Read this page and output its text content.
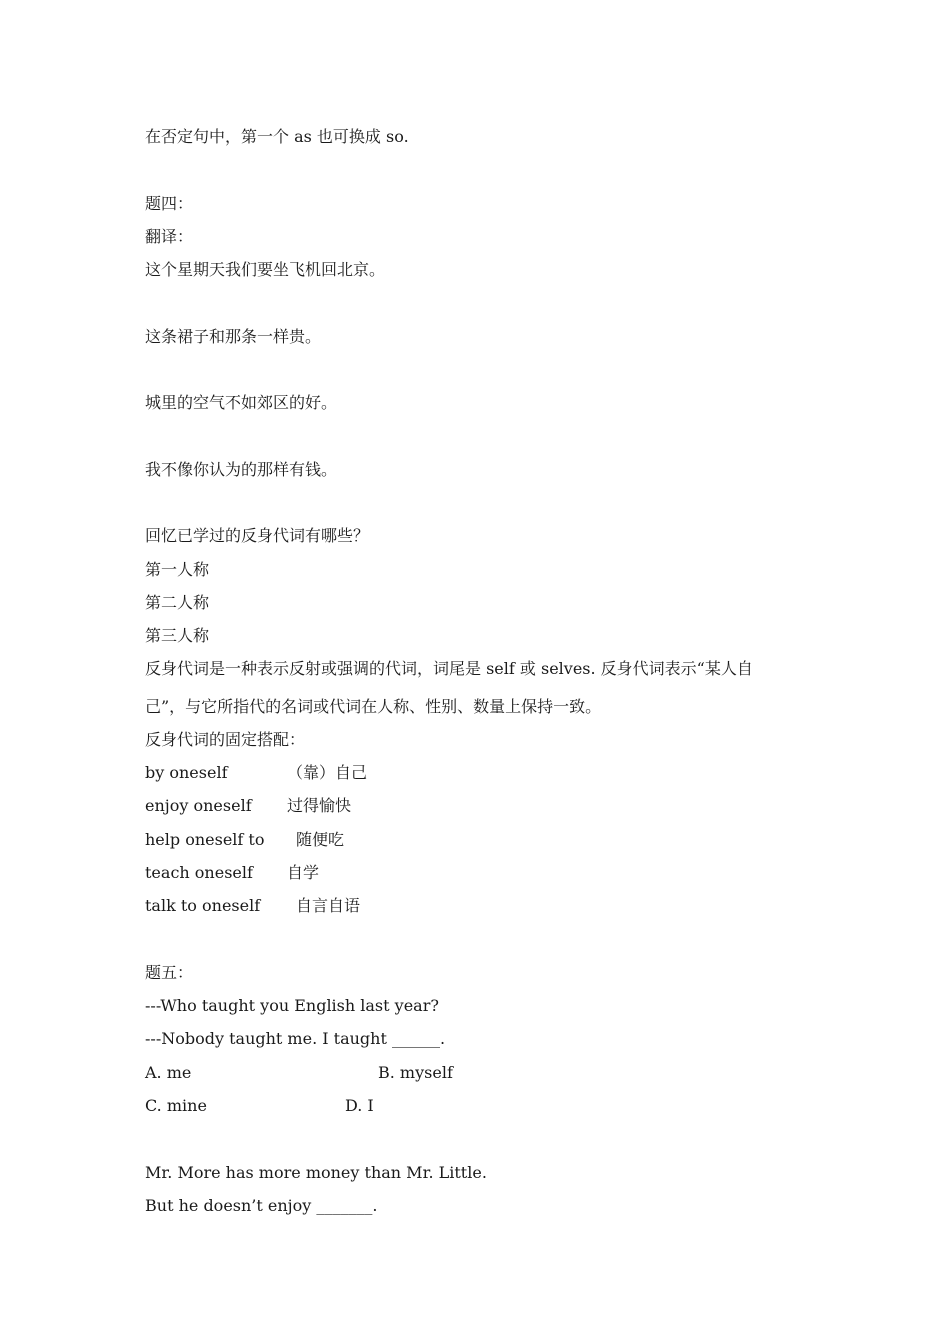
在否定句中，第一个 as 也可换成 so.
题四：
翻译：
这个星期天我们要坐飞机回北京。
这条裙子和那条一样贵。
城里的空气不如郊区的好。
我不像你认为的那样有钱。
回忆已学过的反身代词有哪些？
第一人称
第二人称
第三人称
反身代词是一种表示反射或强调的代词，词尾是 self 或 selves. 反身代词表示“某人自
己”，与它所指代的名词或代词在人称、性别、数量上保持一致。
反身代词的固定搭配：
by oneself	（靠）自己
enjoy oneself 过得愉快
help oneself to 随便吃
teach oneself 自学
talk to oneself 自言自语
题五：
---Who taught you English last year?
---Nobody taught me. I taught ______.
A. me	B. myself
C. mine	D. I
Mr. More has more money than Mr. Little.
But he doesn’t enjoy _______.
